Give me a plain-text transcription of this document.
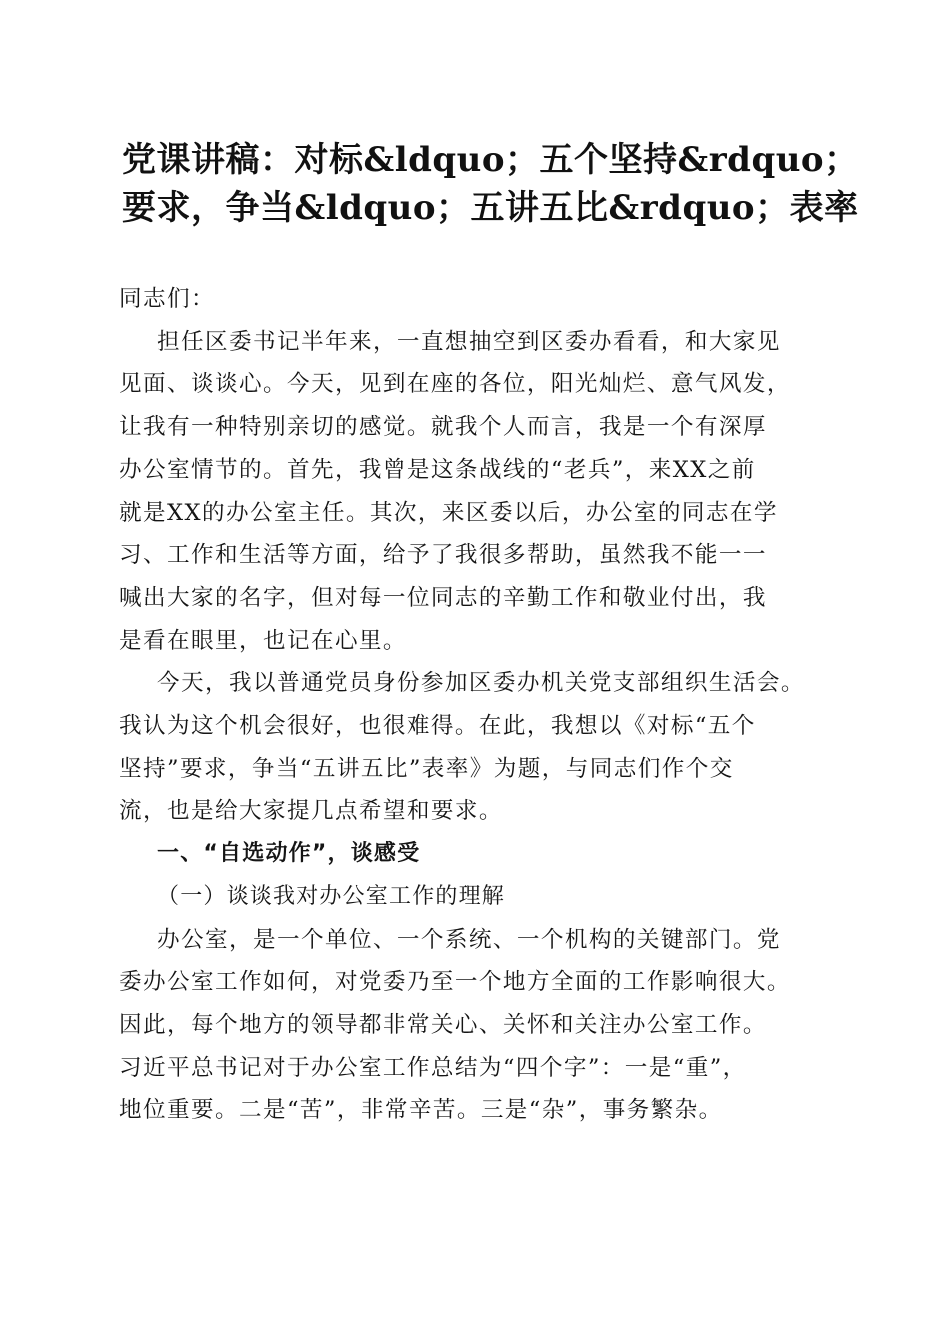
党课讲稿：对标&ldquo；五个坚持&rdquo；
要求，争当&ldquo；五讲五比&rdquo；表率
同志们：
担任区委书记半年来，一直想抽空到区委办看看，和大家见
见面、谈谈心。今天，见到在座的各位，阳光灿烂、意气风发，
让我有一种特别亲切的感觉。就我个人而言，我是一个有深厚
办公室情节的。首先，我曾是这条战线的“老兵”，来XX之前
就是XX的办公室主任。其次，来区委以后，办公室的同志在学
习、工作和生活等方面，给予了我很多帮助，虽然我不能一一
喊出大家的名字，但对每一位同志的辛勤工作和敬业付出，我
是看在眼里，也记在心里。
今天，我以普通党员身份参加区委办机关党支部组织生活会。
我认为这个机会很好，也很难得。在此，我想以《对标“五个
坚持”要求，争当“五讲五比”表率》为题，与同志们作个交
流，也是给大家提几点希望和要求。
一、“自选动作”，谈感受
（一）谈谈我对办公室工作的理解
办公室，是一个单位、一个系统、一个机构的关键部门。党
委办公室工作如何，对党委乃至一个地方全面的工作影响很大。
因此，每个地方的领导都非常关心、关怀和关注办公室工作。
习近平总书记对于办公室工作总结为“四个字”：一是“重”，
地位重要。二是“苦”，非常辛苦。三是“杂”，事务繁杂。
